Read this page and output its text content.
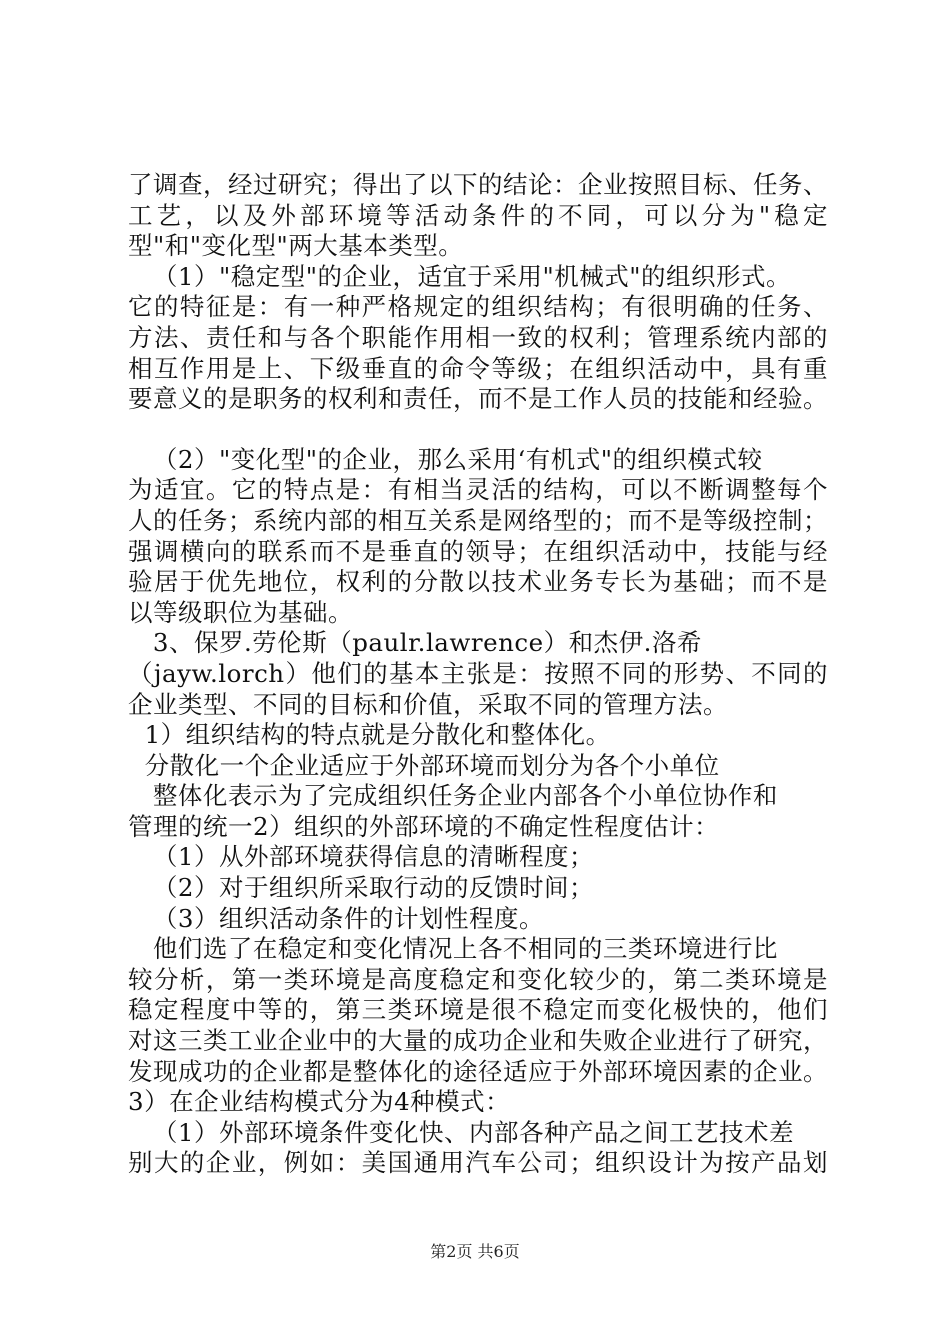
了调查，经过研究；得出了以下的结论：企业按照目标、任务、
工艺，以及外部环境等活动条件的不同，可以分为"稳定
型"和"变化型"两大基本类型。
（1）"稳定型"的企业，适宜于采用"机械式"的组织形式。
它的特征是：有一种严格规定的组织结构；有很明确的任务、
方法、责任和与各个职能作用相一致的权利；管理系统内部的
相互作用是上、下级垂直的命令等级；在组织活动中，具有重
要意义的是职务的权利和责任，而不是工作人员的技能和经验。
（2）"变化型"的企业，那么采用‘有机式"的组织模式较
为适宜。它的特点是：有相当灵活的结构，可以不断调整每个
人的任务；系统内部的相互关系是网络型的；而不是等级控制；
强调横向的联系而不是垂直的领导；在组织活动中，技能与经
验居于优先地位，权利的分散以技术业务专长为基础；而不是
以等级职位为基础。
3、保罗.劳伦斯（paulr.lawrence）和杰伊.洛希
（jayw.lorch）他们的基本主张是：按照不同的形势、不同的
企业类型、不同的目标和价值，采取不同的管理方法。
1）组织结构的特点就是分散化和整体化。
分散化一个企业适应于外部环境而划分为各个小单位
整体化表示为了完成组织任务企业内部各个小单位协作和
管理的统一2）组织的外部环境的不确定性程度估计：
（1）从外部环境获得信息的清晰程度；
（2）对于组织所采取行动的反馈时间；
（3）组织活动条件的计划性程度。
他们选了在稳定和变化情况上各不相同的三类环境进行比
较分析，第一类环境是高度稳定和变化较少的，第二类环境是
稳定程度中等的，第三类环境是很不稳定而变化极快的，他们
对这三类工业企业中的大量的成功企业和失败企业进行了研究，
发现成功的企业都是整体化的途径适应于外部环境因素的企业。
3）在企业结构模式分为4种模式：
（1）外部环境条件变化快、内部各种产品之间工艺技术差
别大的企业，例如：美国通用汽车公司；组织设计为按产品划
第2页 共6页
